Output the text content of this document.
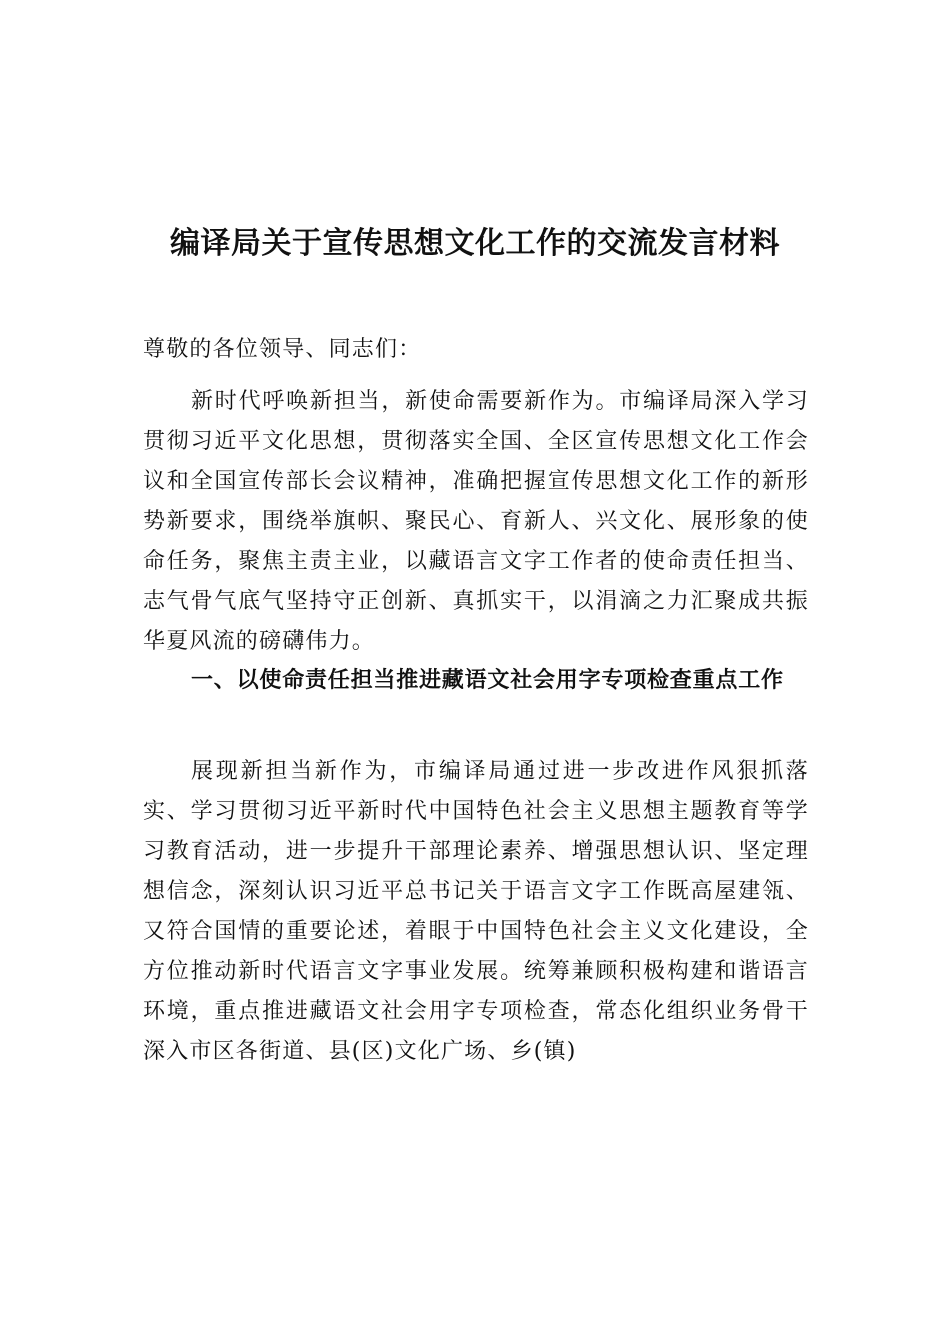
编译局关于宣传思想文化工作的交流发言材料

尊敬的各位领导、同志们：

新时代呼唤新担当，新使命需要新作为。市编译局深入学习贯彻习近平文化思想，贯彻落实全国、全区宣传思想文化工作会议和全国宣传部长会议精神，准确把握宣传思想文化工作的新形势新要求，围绕举旗帜、聚民心、育新人、兴文化、展形象的使命任务，聚焦主责主业，以藏语言文字工作者的使命责任担当、志气骨气底气坚持守正创新、真抓实干，以涓滴之力汇聚成共振华夏风流的磅礴伟力。

一、以使命责任担当推进藏语文社会用字专项检查重点工作

展现新担当新作为，市编译局通过进一步改进作风狠抓落实、学习贯彻习近平新时代中国特色社会主义思想主题教育等学习教育活动，进一步提升干部理论素养、增强思想认识、坚定理想信念，深刻认识习近平总书记关于语言文字工作既高屋建瓴、又符合国情的重要论述，着眼于中国特色社会主义文化建设，全方位推动新时代语言文字事业发展。统筹兼顾积极构建和谐语言环境，重点推进藏语文社会用字专项检查，常态化组织业务骨干深入市区各街道、县(区)文化广场、乡(镇)
